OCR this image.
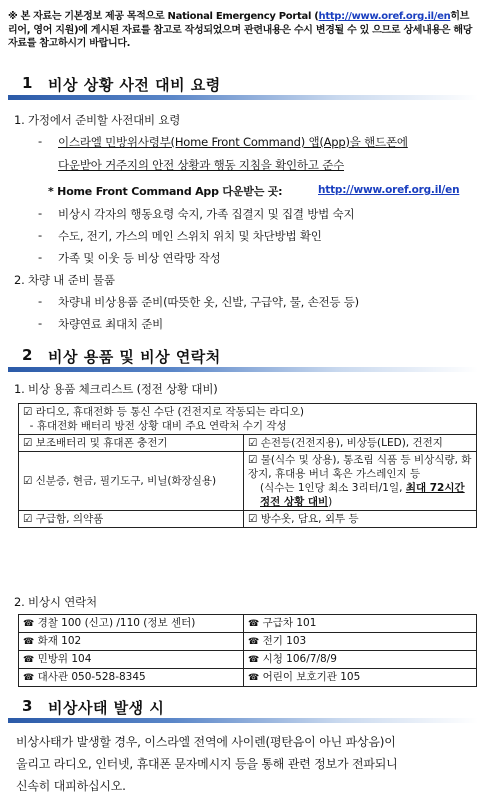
※ 본 자료는 기본정보 제공 목적으로 National Emergency Portal (http://www.oref.org.il/en히브리어, 영어 지원)에 게시된 자료를 참고로 작성되었으며 관련내용은 수시 변경될 수 있 으므로 상세내용은 해당 자료를 참고하시기 바랍니다.
1 비상 상황 사전 대비 요령
1. 가정에서 준비할 사전대비 요령
- 이스라엘 민방위사령부(Home Front Command) 앱(App)을 핸드폰에
다운받아 거주지의 안전 상황과 행동 지침을 확인하고 준수
* Home Front Command App 다운받는 곳:	http://www.oref.org.il/en
- 비상시 각자의 행동요령 숙지, 가족 집결지 및 집결 방법 숙지
- 수도, 전기, 가스의 메인 스위치 위치 및 차단방법 확인
- 가족 및 이웃 등 비상 연락망 작성
2. 차량 내 준비 물품
- 차량내 비상용품 준비(따뜻한 옷, 신발, 구급약, 물, 손전등 등)
- 차량연료 최대치 준비
2 비상 용품 및 비상 연락처
1. 비상 용품 체크리스트 (정전 상황 대비)
☑ 라디오, 휴대전화 등 통신 수단 (건전지로 작동되는 라디오)
- 휴대전화 배터리 방전 상황 대비 주요 연락처 수기 작성	

☑ 보조배터리 및 휴대폰 충전기	☑ 손전등(건전지용), 비상등(LED), 건전지
☑ 신분증, 현금, 필기도구, 비닐(화장실용)	☑ 물(식수 및 상용), 통조림 식품 등 비상식량, 화장지, 휴대용 버너 혹은 가스레인지 등
(식수는 1인당 최소 3리터/1일, 최대 72시간 정전 상황 대비)

☑ 구급함, 의약품	☑ 방수옷, 담요, 외투 등
2. 비상시 연락처
☎ 경찰 100 (신고) /110 (정보 센터)	☎ 구급차 101
☎ 화재 102	☎ 전기 103
☎ 민방위 104	☎ 시청 106/7/8/9
☎ 대사관 050-528-8345	☎ 어린이 보호기관 105
3 비상사태 발생 시
비상사태가 발생할 경우, 이스라엘 전역에 사이렌(평탄음이 아닌 파상음)이
울리고 라디오, 인터넷, 휴대폰 문자메시지 등을 통해 관련 정보가 전파되니
신속히 대피하십시오.
